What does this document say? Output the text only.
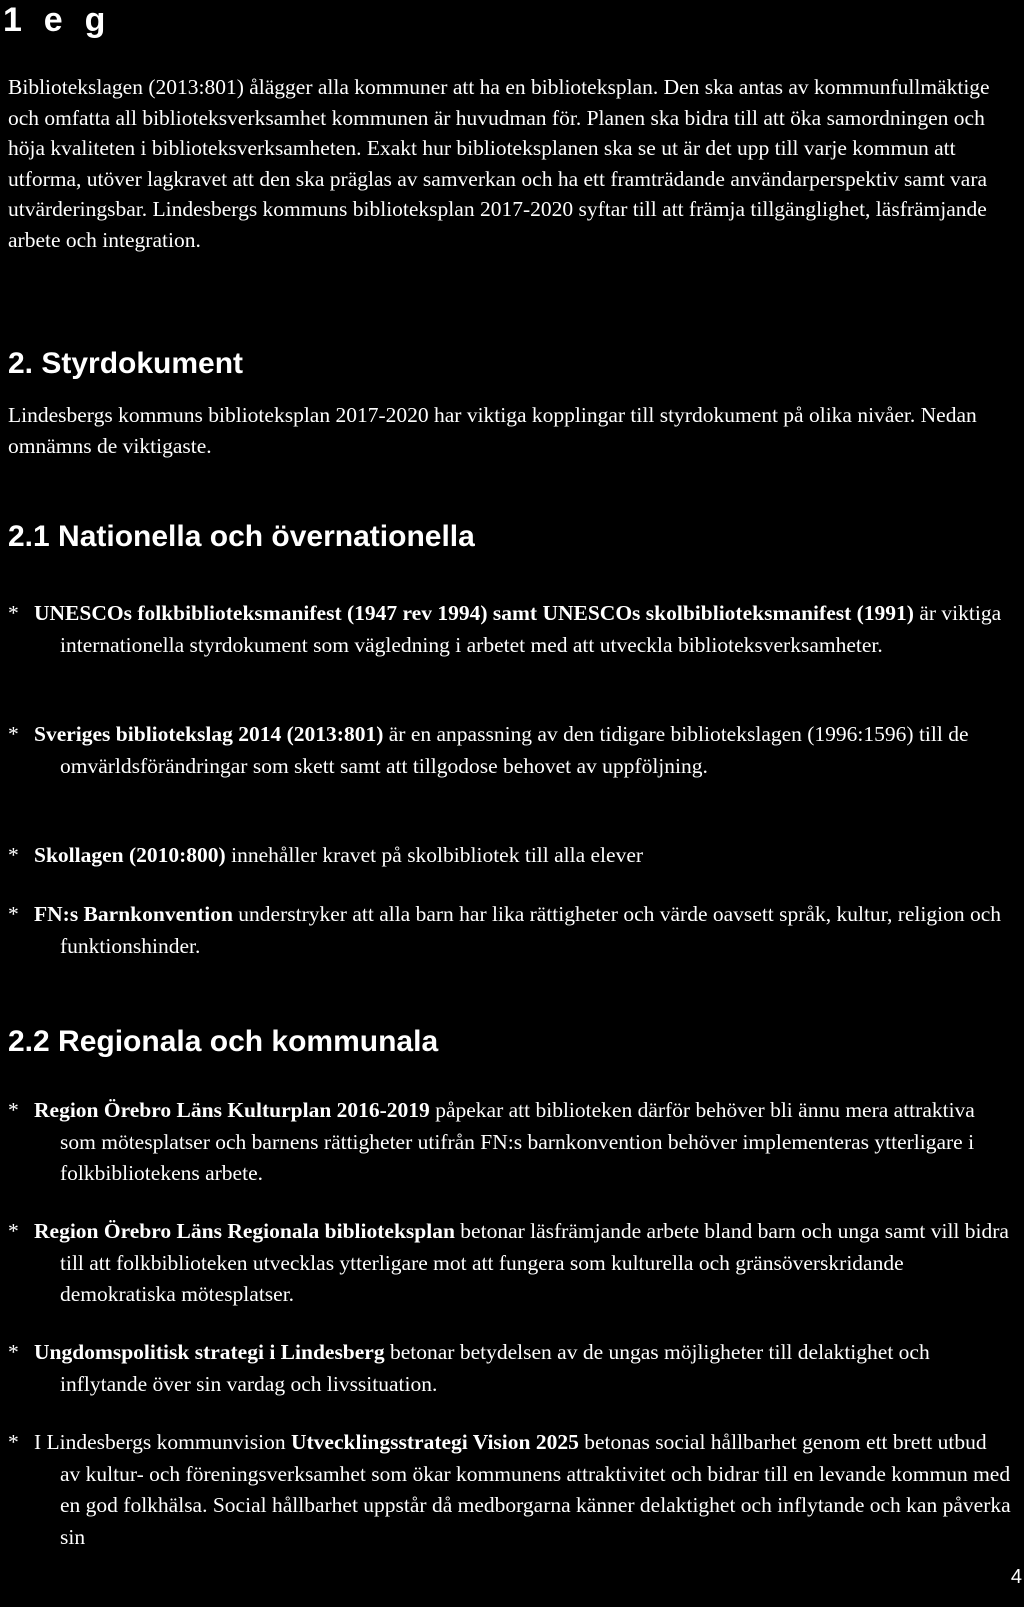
1  e  g

Bibliotekslagen (2013:801) ålägger alla kommuner att ha en biblioteksplan. Den ska antas av kommunfullmäktige och omfatta all biblioteksverksamhet kommunen är huvudman för. Planen ska bidra till att öka samordningen och höja kvaliteten i biblioteksverksamheten. Exakt hur biblioteksplanen ska se ut är det upp till varje kommun att utforma, utöver lagkravet att den ska präglas av samverkan och ha ett framträdande användarperspektiv samt vara utvärderingsbar. Lindesbergs kommuns biblioteksplan 2017-2020 syftar till att främja tillgänglighet, läsfrämjande arbete och integration.

2. Styrdokument

Lindesbergs kommuns biblioteksplan 2017-2020 har viktiga kopplingar till styrdokument på olika nivåer. Nedan omnämns de viktigaste.

2.1 Nationella och övernationella
* UNESCOs folkbiblioteksmanifest (1947 rev 1994) samt UNESCOs skolbiblioteksmanifest (1991) är viktiga internationella styrdokument som vägledning i arbetet med att utveckla biblioteksverksamheter.
* Sveriges bibliotekslag 2014 (2013:801) är en anpassning av den tidigare bibliotekslagen (1996:1596) till de omvärldsförändringar som skett samt att tillgodose behovet av uppföljning.
* Skollagen (2010:800) innehåller kravet på skolbibliotek till alla elever
* FN:s Barnkonvention understryker att alla barn har lika rättigheter och värde oavsett språk, kultur, religion och funktionshinder.
2.2 Regionala och kommunala
* Region Örebro Läns Kulturplan 2016-2019 påpekar att biblioteken därför behöver bli ännu mera attraktiva som mötesplatser och barnens rättigheter utifrån FN:s barnkonvention behöver implementeras ytterligare i folkbibliotekens arbete.
* Region Örebro Läns Regionala biblioteksplan betonar läsfrämjande arbete bland barn och unga samt vill bidra till att folkbiblioteken utvecklas ytterligare mot att fungera som kulturella och gränsöverskridande demokratiska mötesplatser.
* Ungdomspolitisk strategi i Lindesberg betonar betydelsen av de ungas möjligheter till delaktighet och inflytande över sin vardag och livssituation.
* I Lindesbergs kommunvision Utvecklingsstrategi Vision 2025 betonas social hållbarhet genom ett brett utbud av kultur- och föreningsverksamhet som ökar kommunens attraktivitet och bidrar till en levande kommun med en god folkhälsa. Social hållbarhet uppstår då medborgarna känner delaktighet och inflytande och kan påverka sin
4
